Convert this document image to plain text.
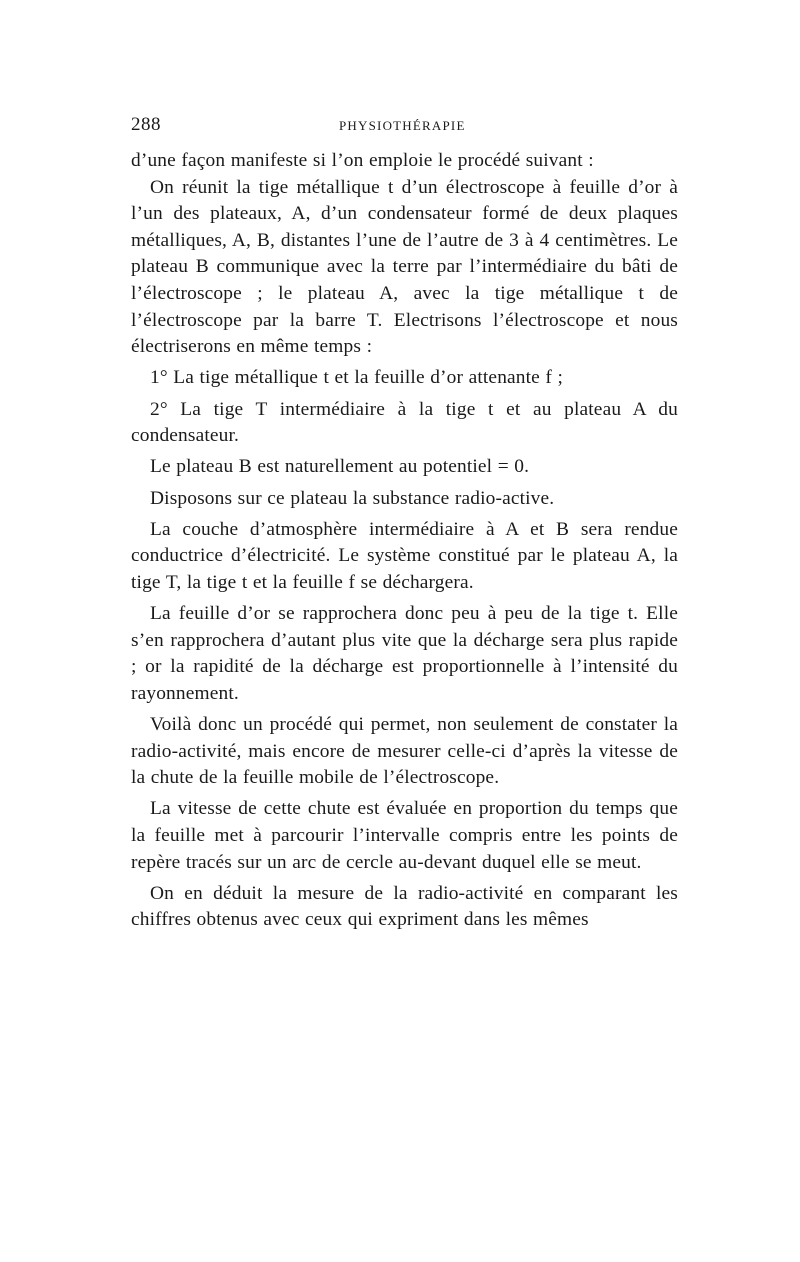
288	PHYSIOTHÉRAPIE

d’une façon manifeste si l’on emploie le procédé suivant :

On réunit la tige métallique t d’un électroscope à feuille d’or à l’un des plateaux, A, d’un condensateur formé de deux plaques métalliques, A, B, distantes l’une de l’autre de 3 à 4 centimètres. Le plateau B communique avec la terre par l’intermédiaire du bâti de l’électroscope ; le plateau A, avec la tige métallique t de l’électroscope par la barre T. Electrisons l’électroscope et nous électriserons en même temps :

1° La tige métallique t et la feuille d’or attenante f ;

2° La tige T intermédiaire à la tige t et au plateau A du condensateur.

Le plateau B est naturellement au potentiel = 0.

Disposons sur ce plateau la substance radio-active.

La couche d’atmosphère intermédiaire à A et B sera rendue conductrice d’électricité. Le système constitué par le plateau A, la tige T, la tige t et la feuille f se déchargera.

La feuille d’or se rapprochera donc peu à peu de la tige t. Elle s’en rapprochera d’autant plus vite que la décharge sera plus rapide ; or la rapidité de la décharge est proportionnelle à l’intensité du rayonnement.

Voilà donc un procédé qui permet, non seulement de constater la radio-activité, mais encore de mesurer celle-ci d’après la vitesse de la chute de la feuille mobile de l’électroscope.

La vitesse de cette chute est évaluée en proportion du temps que la feuille met à parcourir l’intervalle compris entre les points de repère tracés sur un arc de cercle au-devant duquel elle se meut.

On en déduit la mesure de la radio-activité en comparant les chiffres obtenus avec ceux qui expriment dans les mêmes
